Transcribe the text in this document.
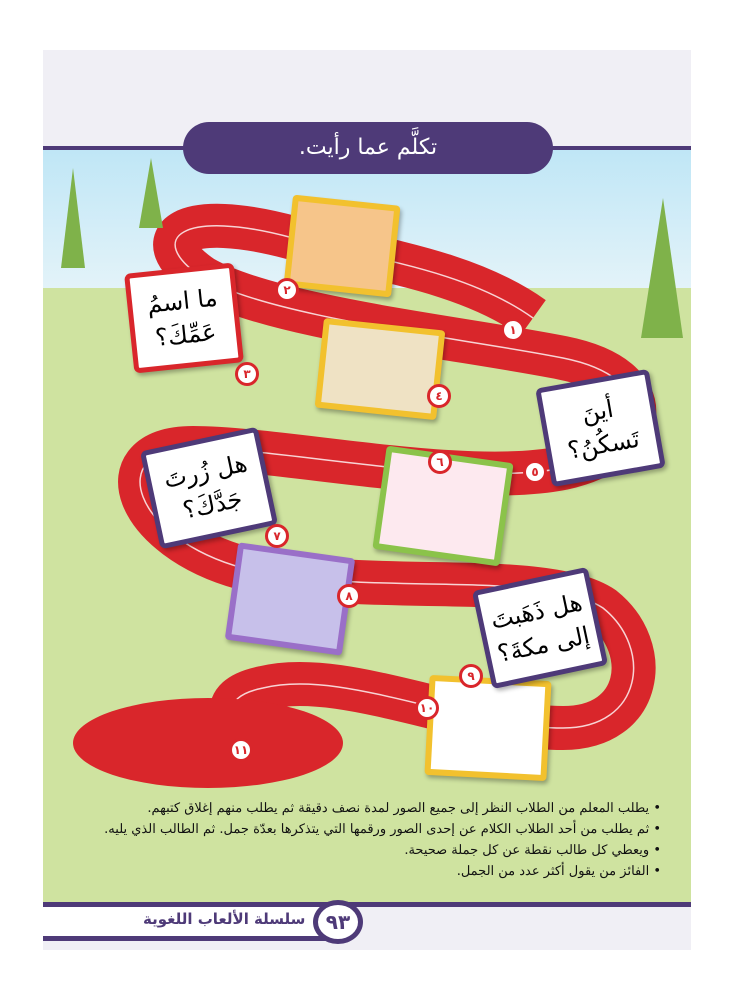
ما اسمُ عَمِّكَ؟
أينَ تَسكُنُ؟
هل زُرتَ جَدَّكَ؟
هل ذَهَبتَ إلى مكةَ؟
١
٢
٣
٤
٥
٦
٧
٨
٩
١٠
١١
• يطلب المعلم من الطلاب النظر إلى جميع الصور لمدة نصف دقيقة ثم يطلب منهم إغلاق كتبهم.
• ثم يطلب من أحد الطلاب الكلام عن إحدى الصور ورقمها التي يتذكرها بعدّة جمل. ثم الطالب الذي يليه.
• ويعطي كل طالب نقطة عن كل جملة صحيحة.
• الفائز من يقول أكثر عدد من الجمل.
تكلَّم عما رأيت.
سلسلة الألعاب اللغوية	٩٣
